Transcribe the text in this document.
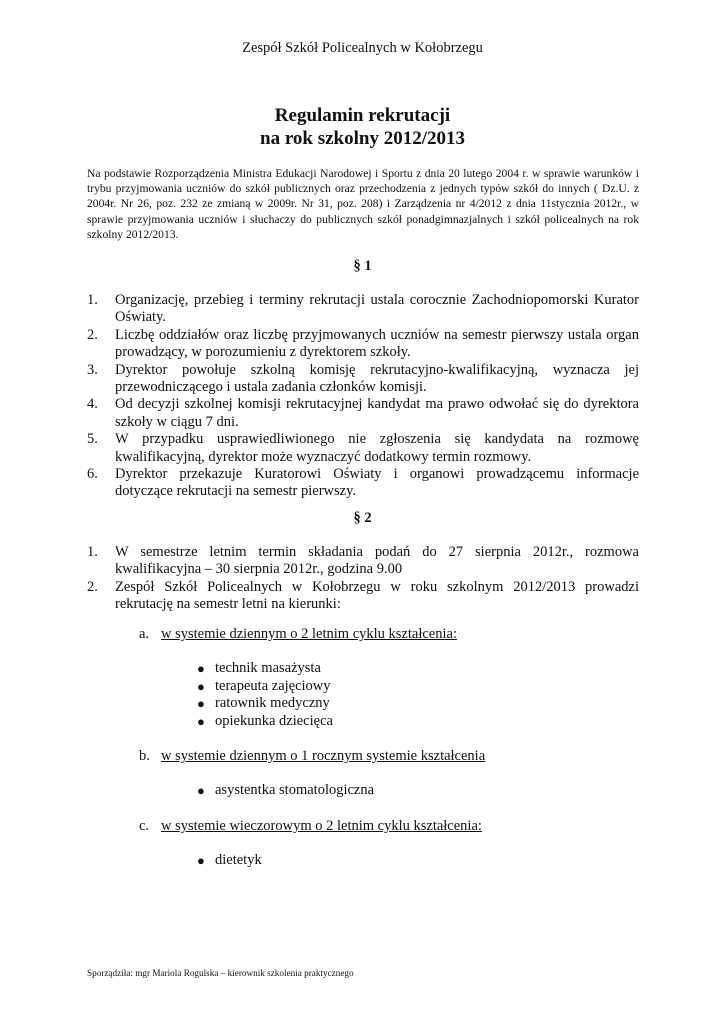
Zespół Szkół Policealnych w Kołobrzegu
Regulamin rekrutacji
na rok szkolny 2012/2013
Na podstawie Rozporządzenia Ministra Edukacji Narodowej i Sportu z dnia 20 lutego 2004 r. w sprawie warunków i trybu przyjmowania uczniów do szkół publicznych oraz przechodzenia z jednych typów szkół do innych ( Dz.U. z 2004r. Nr 26, poz. 232 ze zmianą w 2009r. Nr 31, poz. 208) i Zarządzenia nr 4/2012 z dnia 11stycznia 2012r., w sprawie przyjmowania uczniów i słuchaczy do publicznych szkół ponadgimnazjalnych i szkół policealnych na rok szkolny 2012/2013.
§ 1
1.	Organizację, przebieg i terminy rekrutacji ustala corocznie Zachodniopomorski Kurator Oświaty.
2.	Liczbę oddziałów oraz liczbę przyjmowanych uczniów na semestr pierwszy ustala organ prowadzący, w porozumieniu z dyrektorem szkoły.
3.	Dyrektor powołuje szkolną komisję rekrutacyjno-kwalifikacyjną, wyznacza jej przewodniczącego i ustala zadania członków komisji.
4.	Od decyzji szkolnej komisji rekrutacyjnej kandydat ma prawo odwołać się do dyrektora szkoły w ciągu 7 dni.
5.	W przypadku usprawiedliwionego nie zgłoszenia się kandydata na rozmowę kwalifikacyjną, dyrektor może wyznaczyć dodatkowy termin rozmowy.
6.	Dyrektor przekazuje Kuratorowi Oświaty i organowi prowadzącemu informacje dotyczące rekrutacji na semestr pierwszy.
§ 2
1.	W semestrze letnim termin składania podań do 27 sierpnia 2012r., rozmowa kwalifikacyjna – 30 sierpnia 2012r., godzina 9.00
2.	Zespół Szkół Policealnych w Kołobrzegu w roku szkolnym 2012/2013 prowadzi rekrutację na semestr letni na kierunki:
a. w systemie dziennym o 2 letnim cyklu kształcenia:
● technik masażysta
● terapeuta zajęciowy
● ratownik medyczny
● opiekunka dziecięca
b. w systemie dziennym o 1 rocznym systemie kształcenia
● asystentka stomatologiczna
c. w systemie wieczorowym o 2 letnim cyklu kształcenia:
● dietetyk
Sporządziła: mgr Mariola Rogulska – kierownik szkolenia praktycznego
